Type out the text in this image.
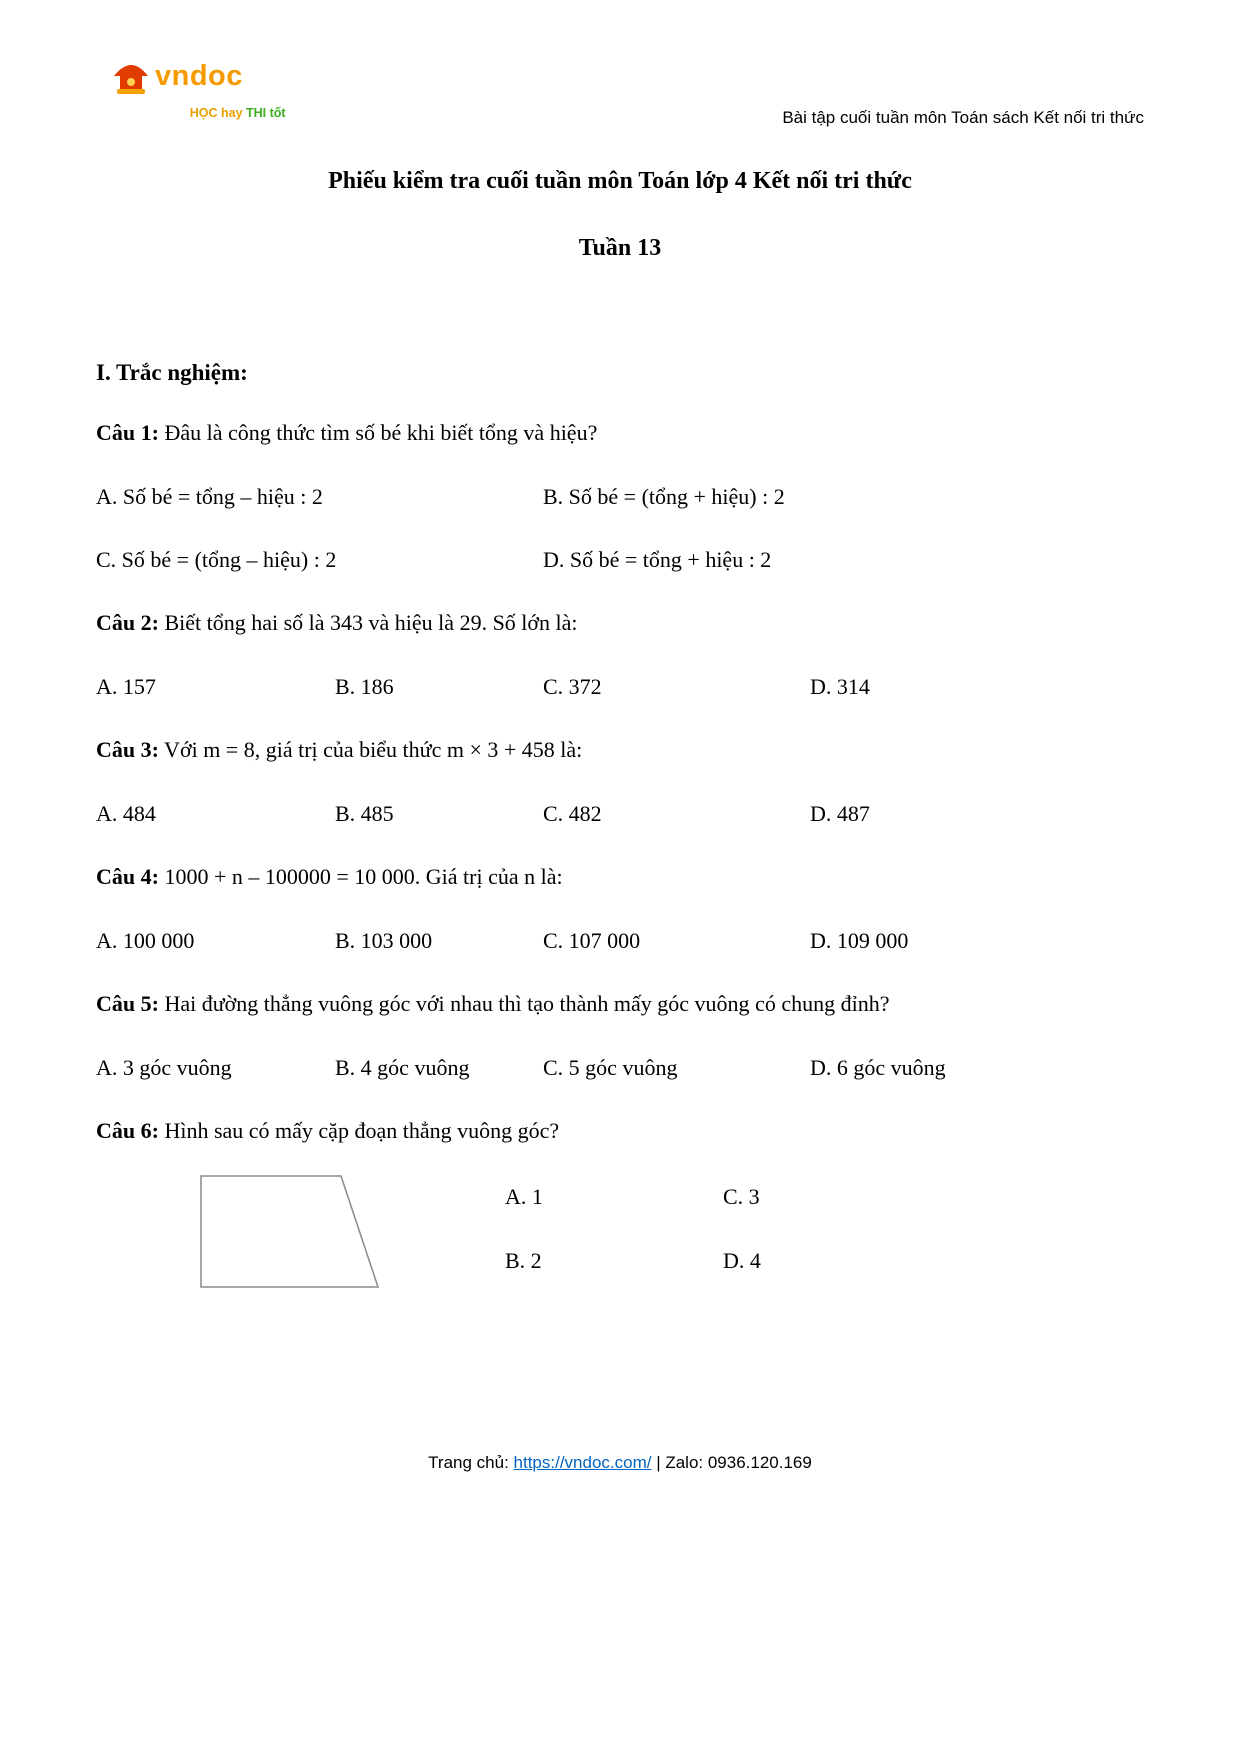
vndoc

HỌC hay THI tốt
	Bài tập cuối tuần môn Toán sách Kết nối tri thức
Phiếu kiểm tra cuối tuần môn Toán lớp 4 Kết nối tri thức
Tuần 13
I. Trắc nghiệm:

Câu 1: Đâu là công thức tìm số bé khi biết tổng và hiệu?

A. Số bé = tổng – hiệu : 2	B. Số bé = (tổng + hiệu) : 2
C. Số bé = (tổng – hiệu) : 2	D. Số bé = tổng + hiệu : 2

Câu 2: Biết tổng hai số là 343 và hiệu là 29. Số lớn là:

A. 157	B. 186	C. 372	D. 314

Câu 3: Với m = 8, giá trị của biểu thức m × 3 + 458 là:

A. 484	B. 485	C. 482	D. 487

Câu 4: 1000 + n – 100000 = 10 000. Giá trị của n là:

A. 100 000	B. 103 000	C. 107 000	D. 109 000

Câu 5: Hai đường thẳng vuông góc với nhau thì tạo thành mấy góc vuông có chung đỉnh?

A. 3 góc vuông	B. 4 góc vuông	C. 5 góc vuông	D. 6 góc vuông

Câu 6: Hình sau có mấy cặp đoạn thẳng vuông góc?

A. 1	C. 3
B. 2	D. 4
Trang chủ: https://vndoc.com/ | Zalo: 0936.120.169
